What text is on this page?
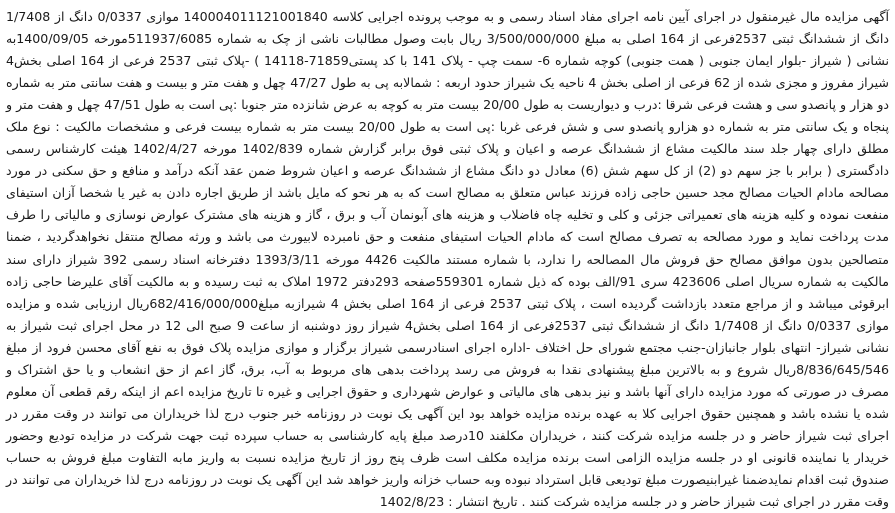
آگهی مزایده مال غیرمنقول در اجرای آیین نامه اجرای مفاد اسناد رسمی و به موجب پرونده اجرایی کلاسه 140004011121001840 موازی 0/0337 دانگ از 1/7408 دانگ از ششدانگ ثبتی 2537فرعی از 164 اصلی به مبلغ 3/500/000/000 ریال بابت وصول مطالبات ناشی از چک به شماره 511937/6085مورخه 1400/09/05به نشانی ( شیراز -بلوار ایمان جنوبی ( همت جنوبی) کوچه شماره 6- سمت چپ - پلاک 141 با کد پستی71859-14118 ) -پلاک ثبتی 2537 فرعی از 164 اصلی بخش4 شیراز مفروز و مجزی شده از 62 فرعی از اصلی بخش 4 ناحیه یک شیراز حدود اربعه : شمالابه پی به طول 47/27 چهل و هفت متر و بیست و هفت سانتی متر به شماره دو هزار و پانصدو سی و هشت فرعی شرقا :درب و دیواریست به طول 20/00 بیست متر به کوچه به عرض شانزده متر جنوبا :پی است به طول 47/51 چهل و هفت متر و پنجاه و یک سانتی متر به شماره دو هزارو پانصدو سی و شش فرعی غربا :پی است به طول 20/00 بیست متر به شماره بیست فرعی و مشخصات مالکیت : نوع ملک مطلق دارای چهار جلد سند مالکیت مشاع از ششدانگ عرصه و اعیان و پلاک ثبتی فوق برابر گزارش شماره 1402/839 مورخه 1402/4/27 هیئت کارشناس رسمی دادگستری ( برابر با جز سهم دو (2) از کل سهم شش (6) معادل دو دانگ مشاع از ششدانگ عرصه و اعیان شروط ضمن عقد آنکه درآمد و منافع و حق سکنی در مورد مصالحه مادام الحیات مصالح مجد حسین حاجی زاده فرزند عباس متعلق به مصالح است که به هر نحو که مایل باشد از طریق اجاره دادن به غیر یا شخصا آزان استیفای منفعت نموده و کلیه هزینه های تعمیراتی جزئی و کلی و تخلیه چاه فاضلاب و هزینه های آبونمان آب و برق ، گاز و هزینه های مشترک عوارض نوسازی و مالیاتی را طرف مدت پرداخت نماید و مورد مصالحه به تصرف مصالح است که مادام الحیات استیفای منفعت و حق نامبرده لابیورث می باشد و ورثه مصالح منتقل نخواهدگردید ، ضمنا متصالحین بدون موافق مصالح حق فروش مال المصالحه را ندارد، با شماره مستند مالکیت 4426 مورخه 1393/3/11 دفترخانه اسناد رسمی 392 شیراز دارای سند مالکیت به شماره سریال اصلی 423606 سری 91/الف بوده که ذیل شماره 559301صفحه 293دفتر 1972 املاک به ثبت رسیده و به مالکیت آقای علیرضا حاجی زاده ابرقوئی میباشد و از مراجع متعدد بازداشت گردیده است ، پلاک ثبتی 2537 فرعی از 164 اصلی بخش 4 شیرازبه مبلغ682/416/000/000ریال ارزیابی شده و مزایده موازی 0/0337 دانگ از 1/7408 دانگ از ششدانگ ثبتی 2537فرعی از 164 اصلی بخش4 شیراز روز دوشنبه از ساعت 9 صبح الی 12 در محل اجرای ثبت شیراز به نشانی شیراز- انتهای بلوار جانبازان-جنب مجتمع شورای حل اختلاف -اداره اجرای اسنادرسمی شیراز برگزار و موازی مزایده پلاک فوق به نفع آقای محسن فرود از مبلغ 8/836/645/546ریال شروع و به بالاترین مبلغ پیشنهادی نقدا به فروش می رسد پرداخت بدهی های مربوط به آب، برق، گاز اعم از حق انشعاب و یا حق اشتراک و مصرف در صورتی که مورد مزایده دارای آنها باشد و نیز بدهی های مالیاتی و عوارض شهرداری و حقوق اجرایی و غیره تا تاریخ مزایده اعم از اینکه رقم قطعی آن معلوم شده یا نشده باشد و همچنین حقوق اجرایی کلا به عهده برنده مزایده خواهد بود این آگهی یک نوبت در روزنامه خبر جنوب درج لذا خریداران می توانند در وقت مقرر در اجرای ثبت شیراز حاضر و در جلسه مزایده شرکت کنند ، خریداران مکلفند 10درصد مبلغ پایه کارشناسی به حساب سپرده ثبت جهت شرکت در مزایده تودیع وحضور خریدار یا نماینده قانونی او در جلسه مزایده الزامی است برنده مزایده مکلف است ظرف پنج روز از تاریخ مزایده نسبت به واریز مابه التفاوت مبلغ فروش به حساب صندوق ثبت اقدام نمایدضمنا غیرابنیصورت مبلغ تودیعی قابل استرداد نبوده وبه حساب خزانه واریز خواهد شد این آگهی یک نوبت در روزنامه درج لذا خریداران می توانند در وقت مقرر در اجرای ثبت شیراز حاضر و در جلسه مزایده شرکت کنند . تاریخ انتشار : 1402/8/23
